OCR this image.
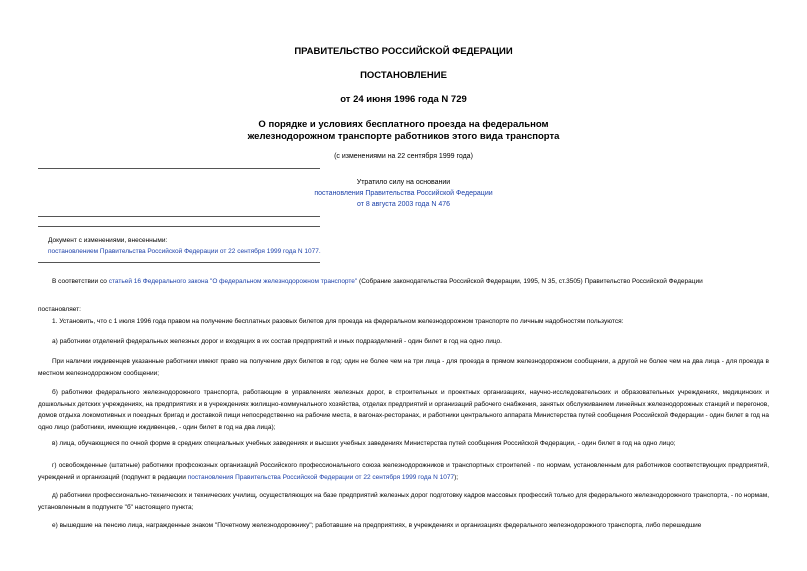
ПРАВИТЕЛЬСТВО РОССИЙСКОЙ ФЕДЕРАЦИИ
ПОСТАНОВЛЕНИЕ
от 24 июня 1996 года N 729
О порядке и условиях бесплатного проезда на федеральном
железнодорожном транспорте работников этого вида транспорта
(с изменениями на 22 сентября 1999 года)
Утратило силу на основании
постановления Правительства Российской Федерации
от 8 августа 2003 года N 476
Документ с изменениями, внесенными:
постановлением Правительства Российской Федерации от 22 сентября 1999 года N 1077.
В соответствии со статьей 16 Федерального закона "О федеральном железнодорожном транспорте" (Собрание законодательства Российской Федерации, 1995, N 35, ст.3505) Правительство Российской Федерации
постановляет:
1. Установить, что с 1 июля 1996 года правом на получение бесплатных разовых билетов для проезда на федеральном железнодорожном транспорте по личным надобностям пользуются:
а) работники отделений федеральных железных дорог и входящих в их состав предприятий и иных подразделений - один билет в год на одно лицо.
При наличии иждивенцев указанные работники имеют право на получение двух билетов в год: один не более чем на три лица - для проезда в прямом железнодорожном сообщении, а другой не более чем на два лица - для проезда в местном железнодорожном сообщении;
б) работники федерального железнодорожного транспорта, работающие в управлениях железных дорог, в строительных и проектных организациях, научно-исследовательских и образовательных учреждениях, медицинских и дошкольных детских учреждениях, на предприятиях и в учреждениях жилищно-коммунального хозяйства, отделах предприятий и организаций рабочего снабжения, занятых обслуживанием линейных железнодорожных станций и перегонов, домов отдыха локомотивных и поездных бригад и доставкой пищи непосредственно на рабочие места, в вагонах-ресторанах, и работники центрального аппарата Министерства путей сообщения Российской Федерации - один билет в год на одно лицо (работники, имеющие иждивенцев, - один билет в год на два лица);
в) лица, обучающиеся по очной форме в средних специальных учебных заведениях и высших учебных заведениях Министерства путей сообщения Российской Федерации, - один билет в год на одно лицо;
г) освобожденные (штатные) работники профсоюзных организаций Российского профессионального союза железнодорожников и транспортных строителей - по нормам, установленным для работников соответствующих предприятий, учреждений и организаций (подпункт в редакции постановления Правительства Российской Федерации от 22 сентября 1999 года N 1077);
д) работники профессионально-технических и технических училищ, осуществляющих на базе предприятий железных дорог подготовку кадров массовых профессий только для федерального железнодорожного транспорта, - по нормам, установленным в подпункте "б" настоящего пункта;
е) вышедшие на пенсию лица, награжденные знаком "Почетному железнодорожнику"; работавшие на предприятиях, в учреждениях и организациях федерального железнодорожного транспорта, либо перешедшие
